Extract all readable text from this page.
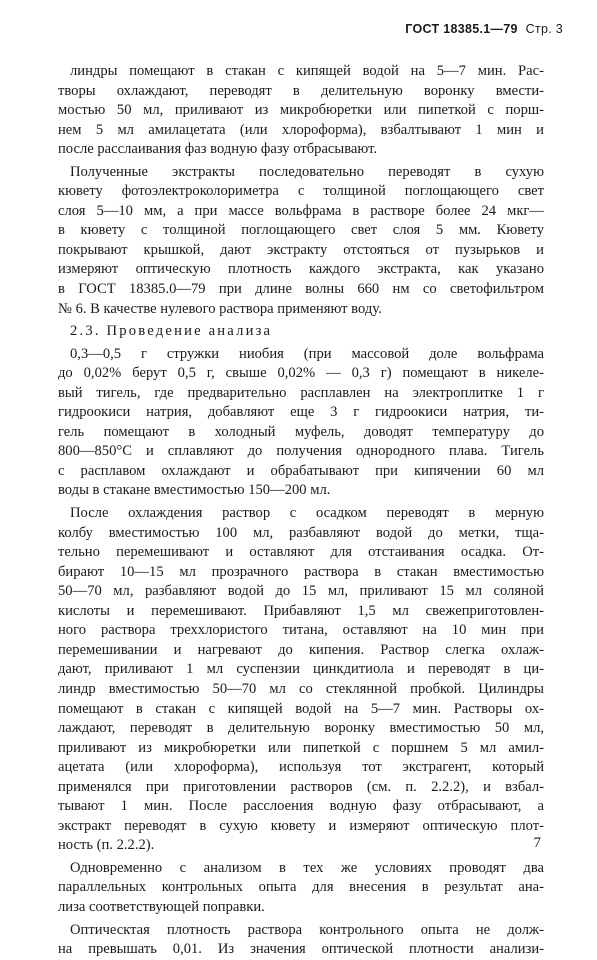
ГОСТ 18385.1—79 Стр. 3
линдры помещают в стакан с кипящей водой на 5—7 мин. Рас-
творы охлаждают, переводят в делительную воронку вмести-
мостью 50 мл, приливают из микробюретки или пипеткой с порш-
нем 5 мл амилацетата (или хлороформа), взбалтывают 1 мин и
после расслаивания фаз водную фазу отбрасывают.
Полученные экстракты последовательно переводят в сухую
кювету фотоэлектроколориметра с толщиной поглощающего свет
слоя 5—10 мм, а при массе вольфрама в растворе более 24 мкг—
в кювету с толщиной поглощающего свет слоя 5 мм. Кювету
покрывают крышкой, дают экстракту отстояться от пузырьков и
измеряют оптическую плотность каждого экстракта, как указано
в ГОСТ 18385.0—79 при длине волны 660 нм со светофильтром
№ 6. В качестве нулевого раствора применяют воду.
2.3. Проведение анализа
0,3—0,5 г стружки ниобия (при массовой доле вольфрама
до 0,02% берут 0,5 г, свыше 0,02% — 0,3 г) помещают в никеле-
вый тигель, где предварительно расплавлен на электроплитке 1 г
гидроокиси натрия, добавляют еще 3 г гидроокиси натрия, ти-
гель помещают в холодный муфель, доводят температуру до
800—850°С и сплавляют до получения однородного плава. Тигель
с расплавом охлаждают и обрабатывают при кипячении 60 мл
воды в стакане вместимостью 150—200 мл.
После охлаждения раствор с осадком переводят в мерную
колбу вместимостью 100 мл, разбавляют водой до метки, тща-
тельно перемешивают и оставляют для отстаивания осадка. От-
бирают 10—15 мл прозрачного раствора в стакан вместимостью
50—70 мл, разбавляют водой до 15 мл, приливают 15 мл соляной
кислоты и перемешивают. Прибавляют 1,5 мл свежеприготовлен-
ного раствора треххлористого титана, оставляют на 10 мин при
перемешивании и нагревают до кипения. Раствор слегка охлаж-
дают, приливают 1 мл суспензии цинкдитиола и переводят в ци-
линдр вместимостью 50—70 мл со стеклянной пробкой. Цилиндры
помещают в стакан с кипящей водой на 5—7 мин. Растворы ох-
лаждают, переводят в делительную воронку вместимостью 50 мл,
приливают из микробюретки или пипеткой с поршнем 5 мл амил-
ацетата (или хлороформа), используя тот экстрагент, который
применялся при приготовлении растворов (см. п. 2.2.2), и взбал-
тывают 1 мин. После расслоения водную фазу отбрасывают, а
экстракт переводят в сухую кювету и измеряют оптическую плот-
ность (п. 2.2.2).
Одновременно с анализом в тех же условиях проводят два
параллельных контрольных опыта для внесения в результат ана-
лиза соответствующей поправки.
Оптическтая плотность раствора контрольного опыта не долж-
на превышать 0,01. Из значения оптической плотности анализи-
7
